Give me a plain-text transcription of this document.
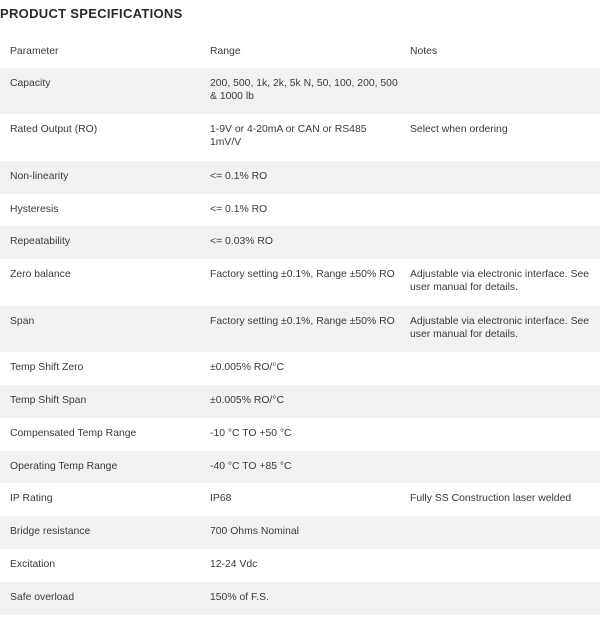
PRODUCT SPECIFICATIONS
Parameter	Range	Notes
Capacity	200, 500, 1k, 2k, 5k N, 50, 100, 200, 500 & 1000 lb	
Rated Output (RO)	1-9V or 4-20mA or CAN or RS485 1mV/V	Select when ordering
Non-linearity	<= 0.1% RO	
Hysteresis	<= 0.1% RO	
Repeatability	<= 0.03% RO	
Zero balance	Factory setting ±0.1%, Range ±50% RO	Adjustable via electronic interface. See user manual for details.
Span	Factory setting ±0.1%, Range ±50% RO	Adjustable via electronic interface. See user manual for details.
Temp Shift Zero	±0.005% RO/°C	
Temp Shift Span	±0.005% RO/°C	
Compensated Temp Range	-10 °C TO +50 °C	
Operating Temp Range	-40 °C TO +85 °C	
IP Rating	IP68	Fully SS Construction laser welded
Bridge resistance	700 Ohms Nominal	
Excitation	12-24 Vdc	
Safe overload	150% of F.S.	
